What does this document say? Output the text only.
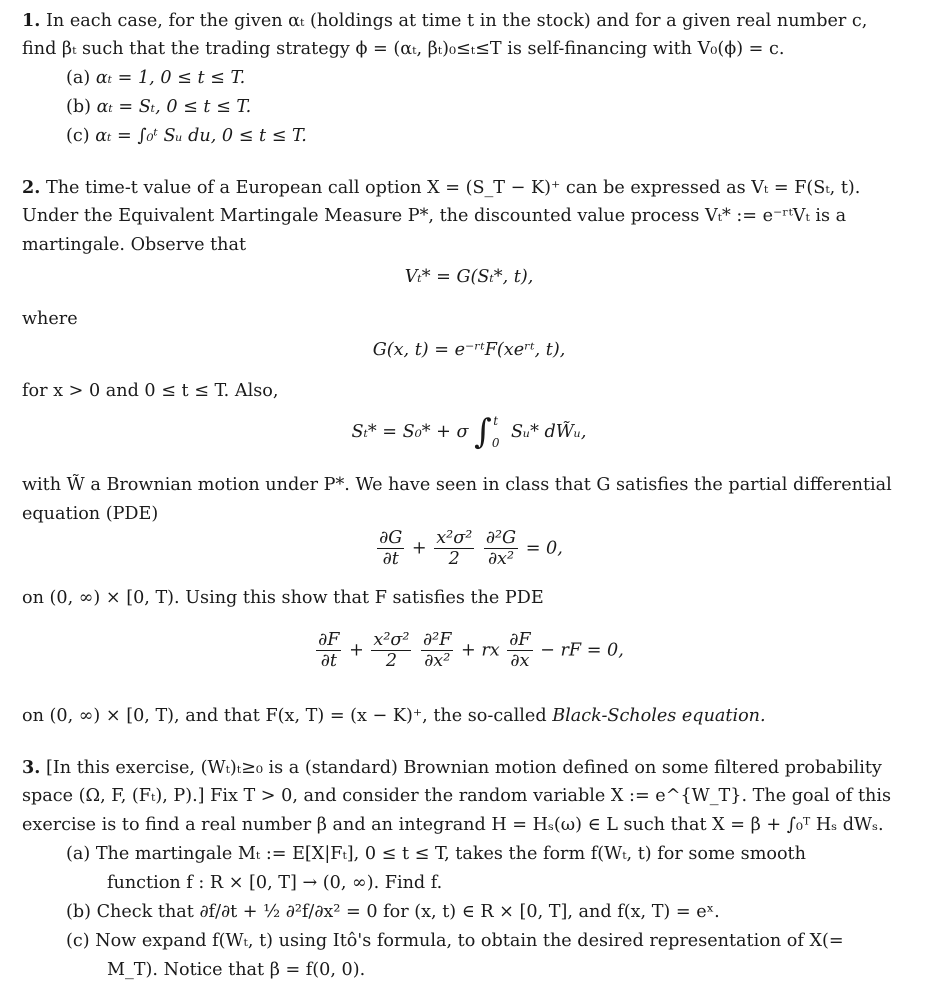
1. In each case, for the given αₜ (holdings at time t in the stock) and for a given real number c,
find βₜ such that the trading strategy ϕ = (αₜ, βₜ)₀≤ₜ≤T is self-financing with V₀(ϕ) = c.
(a) αₜ = 1, 0 ≤ t ≤ T.
(b) αₜ = Sₜ, 0 ≤ t ≤ T.
(c) αₜ = ∫₀ᵗ Sᵤ du, 0 ≤ t ≤ T.
2. The time-t value of a European call option X = (S_T − K)⁺ can be expressed as Vₜ = F(Sₜ, t).
Under the Equivalent Martingale Measure P*, the discounted value process Vₜ* := e⁻ʳᵗVₜ is a
martingale. Observe that
Vₜ* = G(Sₜ*, t),
where
G(x, t) = e⁻ʳᵗF(xeʳᵗ, t),
for x > 0 and 0 ≤ t ≤ T. Also,
Sₜ* = S₀* + σ ∫ t
0
Sᵤ* dW̃ᵤ,
with W̃ a Brownian motion under P*. We have seen in class that G satisfies the partial differential
equation (PDE)
$\frac{\partial G}{\partial t} + \frac{\text{x²σ²}}{2}$
$\frac{\text{∂²G}}{\text{∂x²}} = 0$,
on (0, ∞) × [0, T). Using this show that F satisfies the PDE
$\frac{\partial F}{\partial t} + \frac{\text{x²σ²}}{2}$
$\frac{\text{∂²F}}{\text{∂x²}}$ + rx $\frac{\partial F}{\partial x}$ − rF = 0,
on (0, ∞) × [0, T), and that F(x, T) = (x − K)⁺, the so-called Black-Scholes equation.
3. [In this exercise, (Wₜ)ₜ≥₀ is a (standard) Brownian motion defined on some filtered probability
space (Ω, F, (Fₜ), P).] Fix T > 0, and consider the random variable X := e^{W_T}. The goal of this
exercise is to find a real number β and an integrand H = Hₛ(ω) ∈ L such that X = β + ∫₀ᵀ Hₛ dWₛ.
(a) The martingale Mₜ := E[X|Fₜ], 0 ≤ t ≤ T, takes the form f(Wₜ, t) for some smooth
function f : R × [0, T] → (0, ∞). Find f.
(b) Check that ∂f/∂t + ½ ∂²f/∂x² = 0 for (x, t) ∈ R × [0, T], and f(x, T) = eˣ.
(c) Now expand f(Wₜ, t) using Itô's formula, to obtain the desired representation of X(=
M_T). Notice that β = f(0, 0).
